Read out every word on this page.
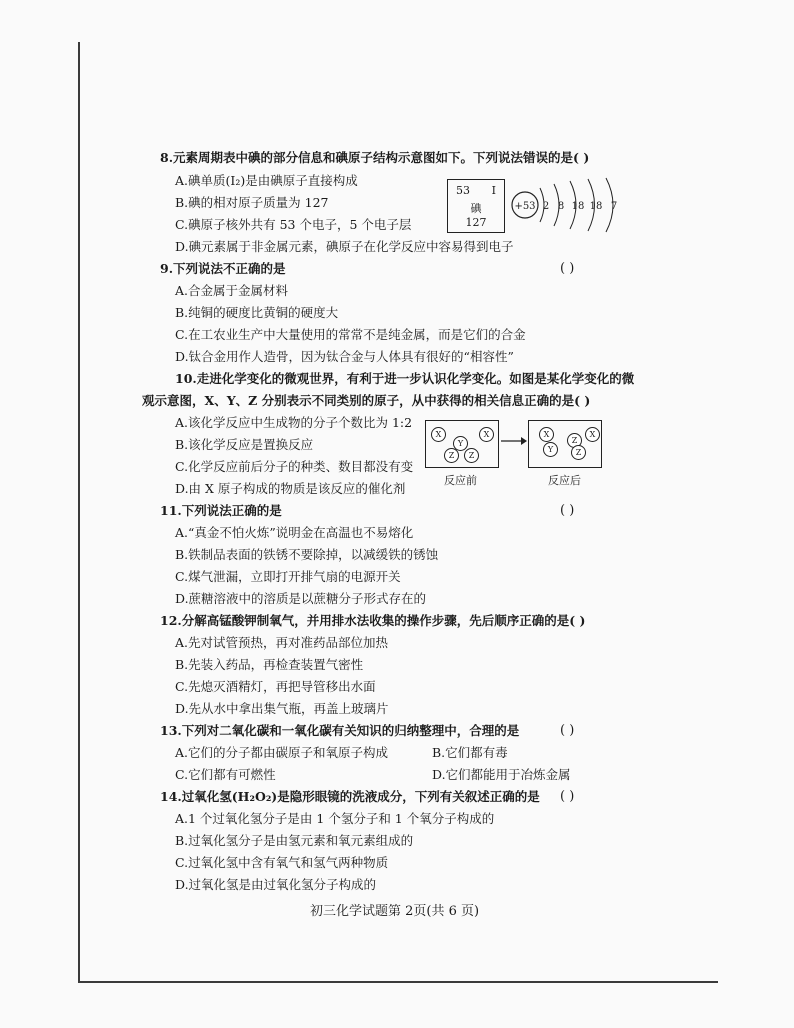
8.元素周期表中碘的部分信息和碘原子结构示意图如下。下列说法错误的是( )
A.碘单质(I₂)是由碘原子直接构成
B.碘的相对原子质量为 127
C.碘原子核外共有 53 个电子，5 个电子层
D.碘元素属于非金属元素，碘原子在化学反应中容易得到电子
53 I
碘
127
+53 2 8 18 18 7
9.下列说法不正确的是	( )
A.合金属于金属材料
B.纯铜的硬度比黄铜的硬度大
C.在工农业生产中大量使用的常常不是纯金属，而是它们的合金
D.钛合金用作人造骨，因为钛合金与人体具有很好的“相容性”
10.走进化学变化的微观世界，有利于进一步认识化学变化。如图是某化学变化的微
观示意图，X、Y、Z 分别表示不同类别的原子，从中获得的相关信息正确的是( )
A.该化学反应中生成物的分子个数比为 1:2
B.该化学反应是置换反应
C.化学反应前后分子的种类、数目都没有变
D.由 X 原子构成的物质是该反应的催化剂
X
Y
Z	Z
X →	X
Y
Z
Z
X
反应前	反应后
11.下列说法正确的是	( )
A.“真金不怕火炼”说明金在高温也不易熔化
B.铁制品表面的铁锈不要除掉，以减缓铁的锈蚀
C.煤气泄漏，立即打开排气扇的电源开关
D.蔗糖溶液中的溶质是以蔗糖分子形式存在的
12.分解高锰酸钾制氧气，并用排水法收集的操作步骤，先后顺序正确的是( )
A.先对试管预热，再对准药品部位加热
B.先装入药品，再检查装置气密性
C.先熄灭酒精灯，再把导管移出水面
D.先从水中拿出集气瓶，再盖上玻璃片
13.下列对二氧化碳和一氧化碳有关知识的归纳整理中，合理的是	( )
A.它们的分子都由碳原子和氧原子构成	B.它们都有毒
C.它们都有可燃性	D.它们都能用于冶炼金属
14.过氧化氢(H₂O₂)是隐形眼镜的洗液成分，下列有关叙述正确的是 ( )
A.1 个过氧化氢分子是由 1 个氢分子和 1 个氧分子构成的
B.过氧化氢分子是由氢元素和氧元素组成的
C.过氧化氢中含有氧气和氢气两种物质
D.过氧化氢是由过氧化氢分子构成的
初三化学试题第 2页(共 6 页)
